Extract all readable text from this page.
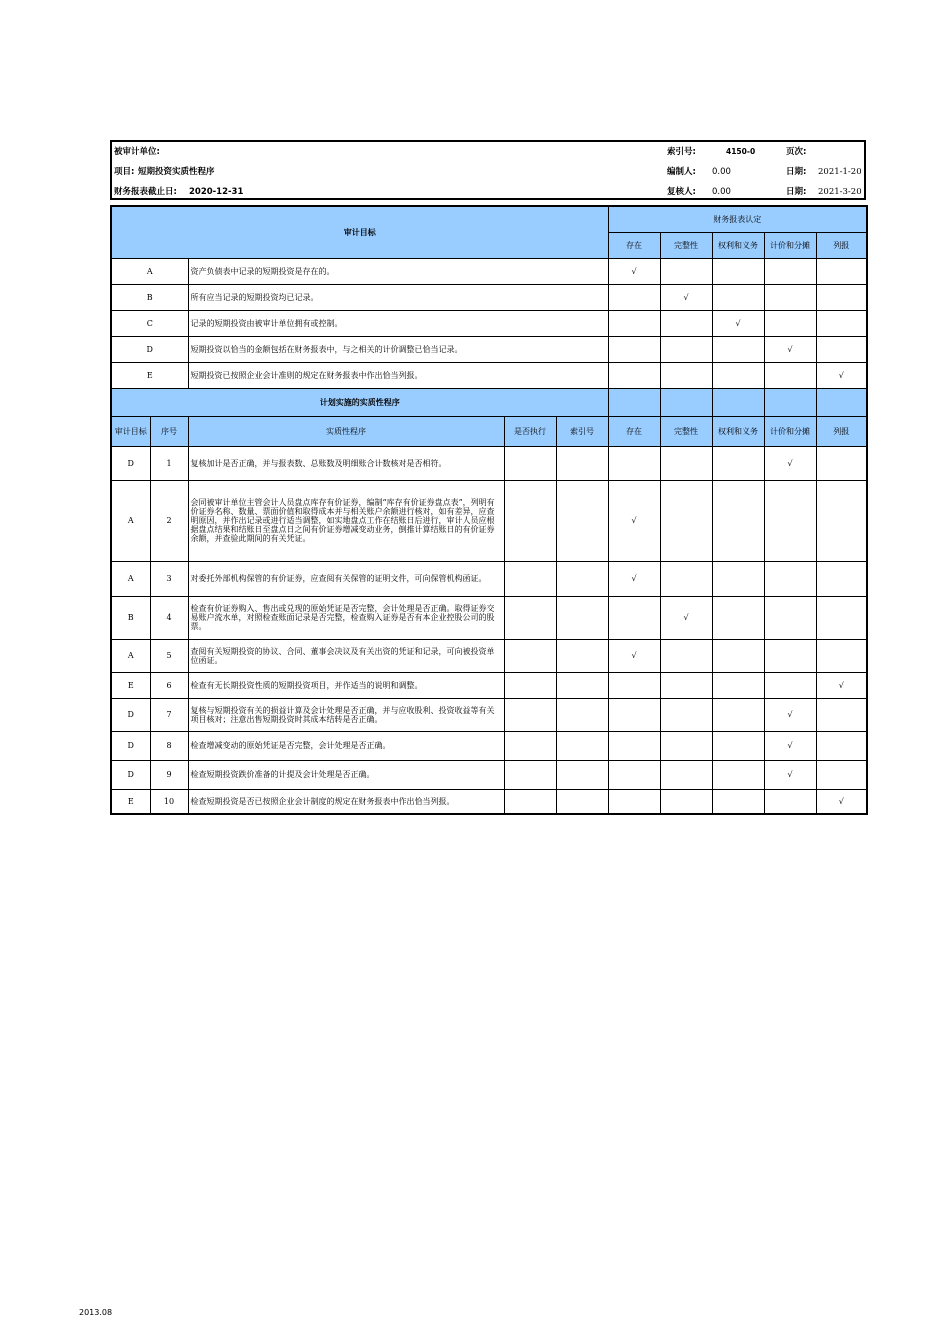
被审计单位:	索引号:	4150-0	页次:
项目: 短期投资实质性程序	编制人: 0.00	日期: 2021-1-20
财务报表截止日: 2020-12-31	复核人: 0.00	日期: 2021-3-20
审计目标					财务报表认定				
					存在	完整性	权利和义务	计价和分摊	列报
A		资产负债表中记录的短期投资是存在的。			√				
B		所有应当记录的短期投资均已记录。				√			
C		记录的短期投资由被审计单位拥有或控制。					√		
D		短期投资以恰当的金额包括在财务报表中，与之相关的计价调整已恰当记录。						√	
E		短期投资已按照企业会计准则的规定在财务报表中作出恰当列报。							√
计划实施的实质性程序									
审计目标	序号	实质性程序	是否执行	索引号	存在	完整性	权利和义务	计价和分摊	列报
D	1	复核加计是否正确，并与报表数、总账数及明细账合计数核对是否相符。						√	
A	2	会同被审计单位主管会计人员盘点库存有价证券，编制“库存有价证券盘点表”，列明有价证券名称、数量、票面价值和取得成本并与相关账户余额进行核对，如有差异，应查明原因，并作出记录或进行适当调整，如实地盘点工作在结账日后进行，审计人员应根据盘点结果和结账日至盘点日之间有价证券增减变动业务，倒推计算结账日的有价证券余额，并查验此期间的有关凭证。			√				
A	3	对委托外部机构保管的有价证券，应查阅有关保管的证明文件，可向保管机构函证。			√				
B	4	检查有价证券购入、售出或兑现的原始凭证是否完整，会计处理是否正确。取得证券交易账户流水单，对照检查账面记录是否完整，检查购入证券是否有本企业控股公司的股票。				√			
A	5	查阅有关短期投资的协议、合同、董事会决议及有关出资的凭证和记录，可向被投资单位函证。			√				
E	6	检查有无长期投资性质的短期投资项目，并作适当的说明和调整。							√
D	7	复核与短期投资有关的损益计算及会计处理是否正确，并与应收股利、投资收益等有关项目核对；注意出售短期投资时其成本结转是否正确。						√	
D	8	检查增减变动的原始凭证是否完整，会计处理是否正确。						√	
D	9	检查短期投资跌价准备的计提及会计处理是否正确。						√	
E	10	检查短期投资是否已按照企业会计制度的规定在财务报表中作出恰当列报。							√
2013.08
